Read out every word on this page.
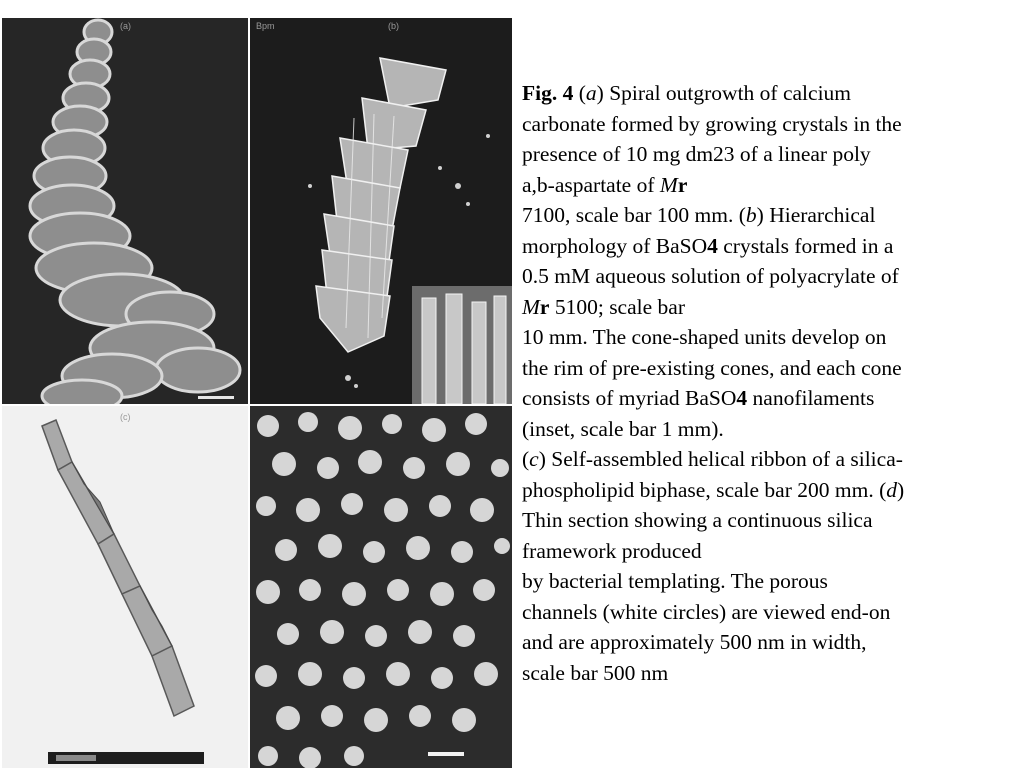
(a)	Bpm	(b)
(c)

Fig. 4 (a) Spiral outgrowth of calcium

carbonate formed by growing crystals in the

presence of 10 mg dm23 of a linear poly

a,b-aspartate of Mr

7100, scale bar 100 mm. (b) Hierarchical

morphology of BaSO4 crystals formed in a

0.5 mM aqueous solution of polyacrylate of

Mr 5100; scale bar

10 mm. The cone-shaped units develop on

the rim of pre-existing cones, and each cone

consists of myriad BaSO4 nanofilaments

(inset, scale bar 1 mm).

(c) Self-assembled helical ribbon of a silica-

phospholipid biphase, scale bar 200 mm. (d)

Thin section showing a continuous silica

framework produced

by bacterial templating. The porous

channels (white circles) are viewed end-on

and are approximately 500 nm in width,

scale bar 500 nm
